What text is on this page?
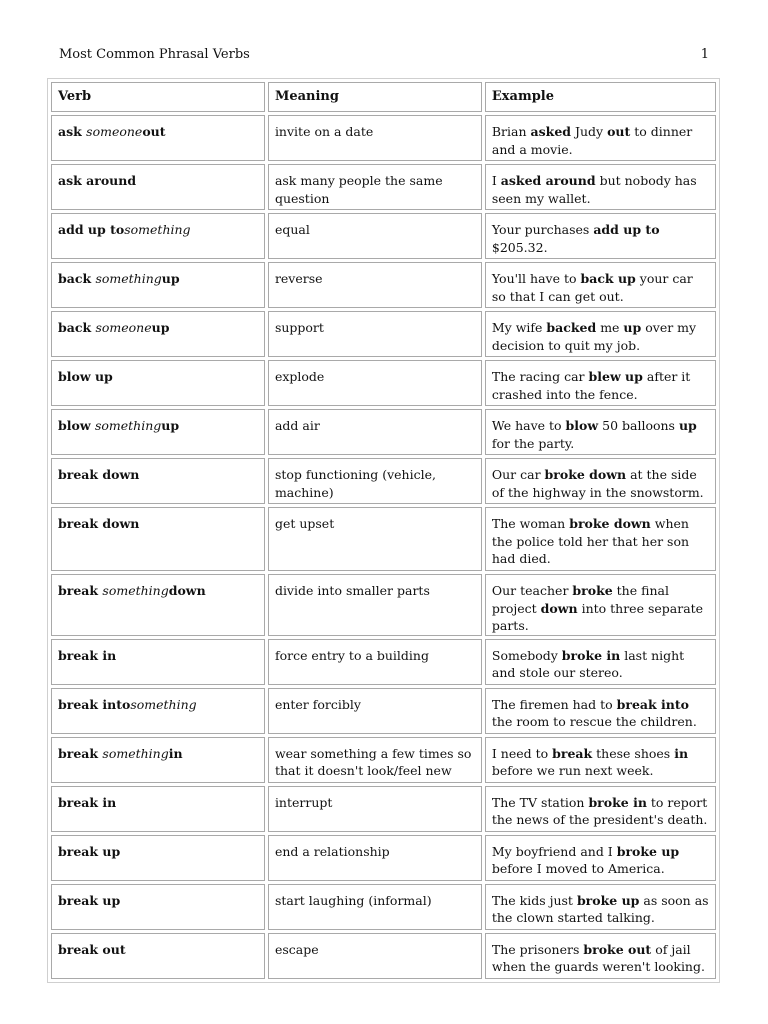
Most Common Phrasal Verbs	1
Verb	Meaning	Example
ask someoneout	invite on a date	Brian asked Judy out to dinner and a movie.
ask around	ask many people the same question	I asked around but nobody has seen my wallet.
add up tosomething	equal	Your purchases add up to $205.32.
back somethingup	reverse	You'll have to back up your car so that I can get out.
back someoneup	support	My wife backed me up over my decision to quit my job.
blow up	explode	The racing car blew up after it crashed into the fence.
blow somethingup	add air	We have to blow 50 balloons up for the party.
break down	stop functioning (vehicle, machine)	Our car broke down at the side of the highway in the snowstorm.
break down	get upset	The woman broke down when the police told her that her son had died.
break somethingdown	divide into smaller parts	Our teacher broke the final project down into three separate parts.
break in	force entry to a building	Somebody broke in last night and stole our stereo.
break intosomething	enter forcibly	The firemen had to break into the room to rescue the children.
break somethingin	wear something a few times so that it doesn't look/feel new	I need to break these shoes in before we run next week.
break in	interrupt	The TV station broke in to report the news of the president's death.
break up	end a relationship	My boyfriend and I broke up before I moved to America.
break up	start laughing (informal)	The kids just broke up as soon as the clown started talking.
break out	escape	The prisoners broke out of jail when the guards weren't looking.
